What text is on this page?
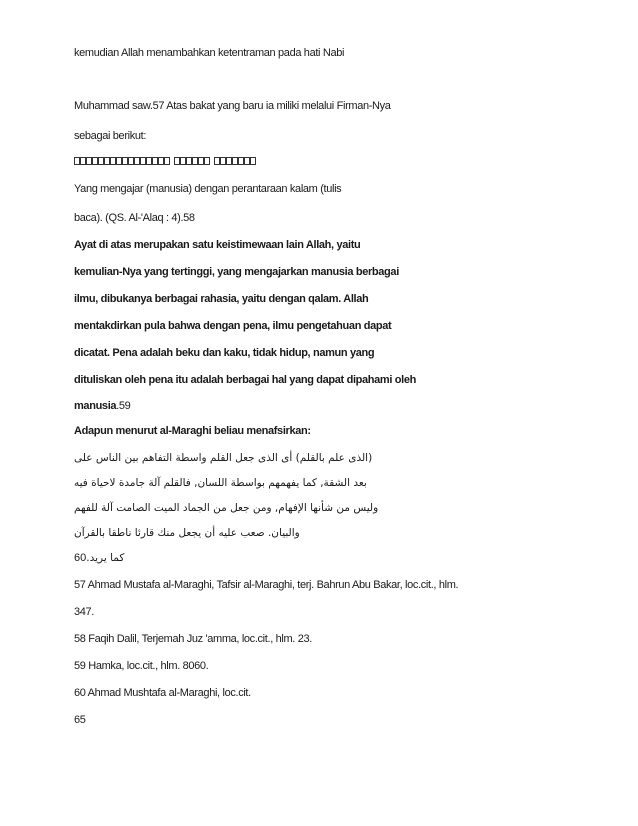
kemudian Allah menambahkan ketentraman pada hati Nabi
Muhammad saw.57 Atas bakat yang baru ia miliki melalui Firman-Nya
sebagai berikut:
Yang mengajar (manusia) dengan perantaraan kalam (tulis
baca). (QS. Al-'Alaq : 4).58
Ayat di atas merupakan satu keistimewaan lain Allah, yaitu
kemulian-Nya yang tertinggi, yang mengajarkan manusia berbagai
ilmu, dibukanya berbagai rahasia, yaitu dengan qalam. Allah
mentakdirkan pula bahwa dengan pena, ilmu pengetahuan dapat
dicatat. Pena adalah beku dan kaku, tidak hidup, namun yang
dituliskan oleh pena itu adalah berbagai hal yang dapat dipahami oleh
manusia.59
Adapun menurut al-Maraghi beliau menafsirkan:
(الذى علم بالقلم) أى الذى جعل القلم واسطة التفاهم بين الناس على
بعد الشقة, كما يفهمهم بواسطة اللسان, فالقلم آلة جامدة لاحياة فيه
وليس من شأنها الإفهام, ومن جعل من الجماد الميت الصامت آلة للفهم
والبيان. صعب عليه أن يجعل منك قارئا ناطقا بالقرآن
كما يريد.60
57 Ahmad Mustafa al-Maraghi, Tafsir al-Maraghi, terj. Bahrun Abu Bakar, loc.cit., hlm.
347.
58 Faqih Dalil, Terjemah Juz 'amma, loc.cit., hlm. 23.
59 Hamka, loc.cit., hlm. 8060.
60 Ahmad Mushtafa al-Maraghi, loc.cit.
65
